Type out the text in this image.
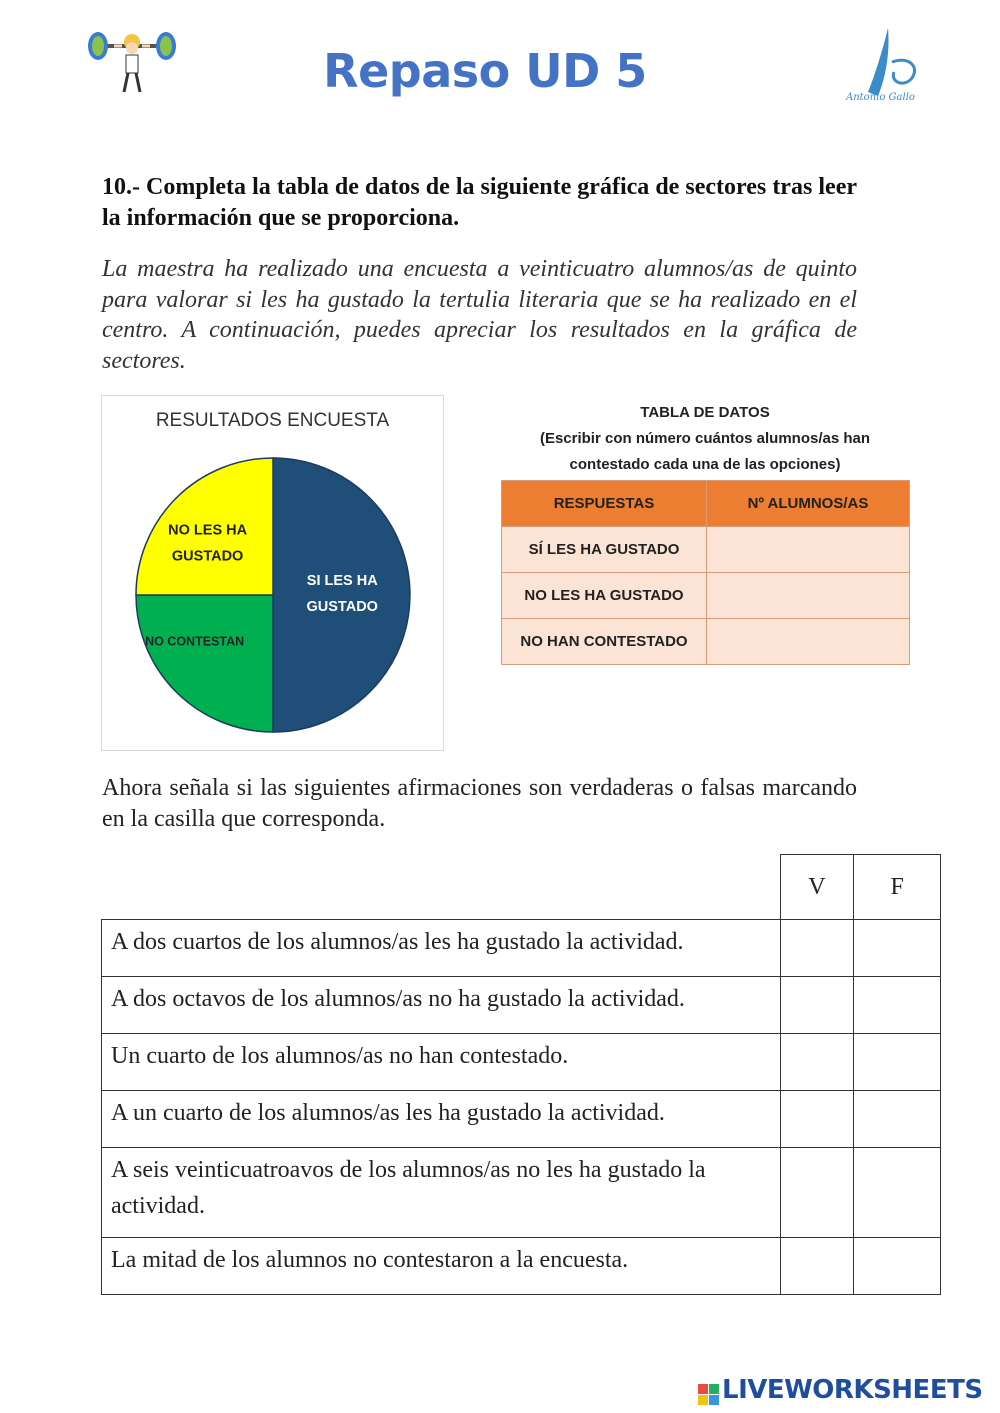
Repaso UD 5	Antonio Gallo
10.- Completa la tabla de datos de la siguiente gráfica de sectores tras leer la información que se proporciona.
La maestra ha realizado una encuesta a veinticuatro alumnos/as de quinto para valorar si les ha gustado la tertulia literaria que se ha realizado en el centro. A continuación, puedes apreciar los resultados en la gráfica de sectores.
RESULTADOS ENCUESTA
SI LES HA GUSTADO
NO CONTESTAN
NO LES HA GUSTADO
TABLA DE DATOS
(Escribir con número cuántos alumnos/as han
contestado cada una de las opciones)
RESPUESTAS	Nº ALUMNOS/AS
SÍ LES HA GUSTADO	
NO LES HA GUSTADO	
NO HAN CONTESTADO	
Ahora señala si las siguientes afirmaciones son verdaderas o falsas marcando en la casilla que corresponda.
	V	F
A dos cuartos de los alumnos/as les ha gustado la actividad.		
A dos octavos de los alumnos/as no ha gustado la actividad.		
Un cuarto de los alumnos/as no han contestado.		
A un cuarto de los alumnos/as les ha gustado la actividad.		
A seis veinticuatroavos de los alumnos/as no les ha gustado la actividad.		
La mitad de los alumnos no contestaron a la encuesta.		
LIVEWORKSHEETS
